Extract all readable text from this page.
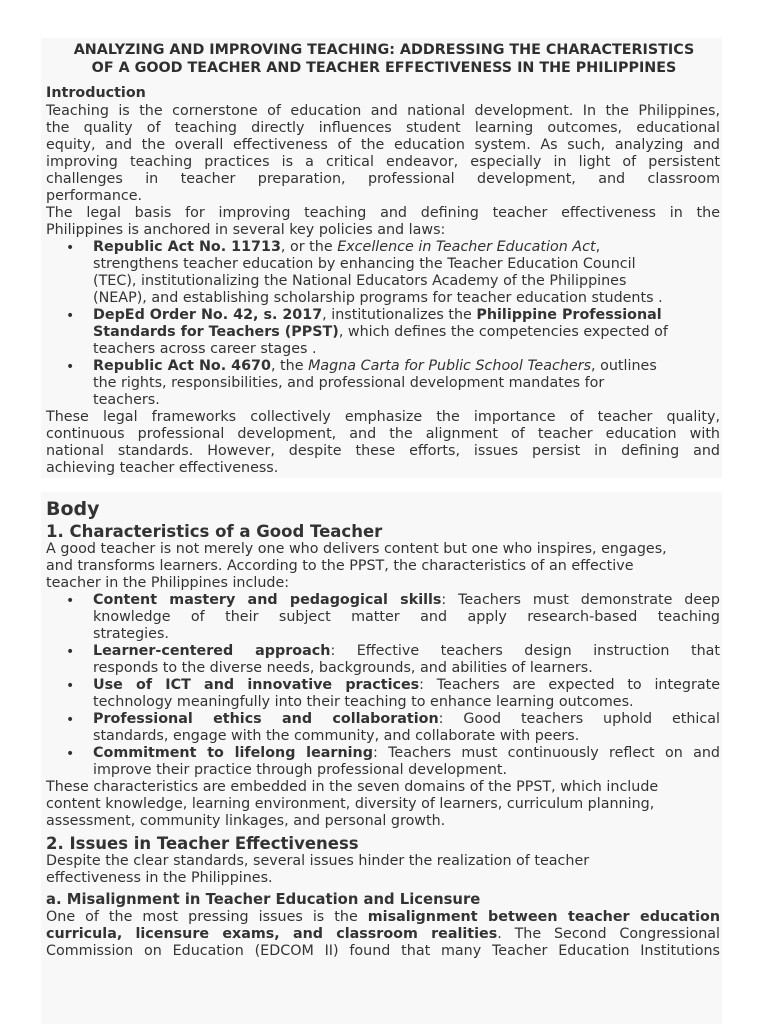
ANALYZING AND IMPROVING TEACHING: ADDRESSING THE CHARACTERISTICS
OF A GOOD TEACHER AND TEACHER EFFECTIVENESS IN THE PHILIPPINES
Introduction
Teaching is the cornerstone of education and national development. In the Philippines,
the quality of teaching directly influences student learning outcomes, educational
equity, and the overall effectiveness of the education system. As such, analyzing and
improving teaching practices is a critical endeavor, especially in light of persistent
challenges in teacher preparation, professional development, and classroom
performance.
The legal basis for improving teaching and defining teacher effectiveness in the
Philippines is anchored in several key policies and laws:
• Republic Act No. 11713, or the Excellence in Teacher Education Act,
strengthens teacher education by enhancing the Teacher Education Council
(TEC), institutionalizing the National Educators Academy of the Philippines
(NEAP), and establishing scholarship programs for teacher education students .
• DepEd Order No. 42, s. 2017, institutionalizes the Philippine Professional
Standards for Teachers (PPST), which defines the competencies expected of
teachers across career stages .
• Republic Act No. 4670, the Magna Carta for Public School Teachers, outlines
the rights, responsibilities, and professional development mandates for
teachers.
These legal frameworks collectively emphasize the importance of teacher quality,
continuous professional development, and the alignment of teacher education with
national standards. However, despite these efforts, issues persist in defining and
achieving teacher effectiveness.
Body
1. Characteristics of a Good Teacher
A good teacher is not merely one who delivers content but one who inspires, engages,
and transforms learners. According to the PPST, the characteristics of an effective
teacher in the Philippines include:
• Content mastery and pedagogical skills: Teachers must demonstrate deep
knowledge of their subject matter and apply research-based teaching
strategies.
• Learner-centered approach: Effective teachers design instruction that
responds to the diverse needs, backgrounds, and abilities of learners.
• Use of ICT and innovative practices: Teachers are expected to integrate
technology meaningfully into their teaching to enhance learning outcomes.
• Professional ethics and collaboration: Good teachers uphold ethical
standards, engage with the community, and collaborate with peers.
• Commitment to lifelong learning: Teachers must continuously reflect on and
improve their practice through professional development.
These characteristics are embedded in the seven domains of the PPST, which include
content knowledge, learning environment, diversity of learners, curriculum planning,
assessment, community linkages, and personal growth.
2. Issues in Teacher Effectiveness
Despite the clear standards, several issues hinder the realization of teacher
effectiveness in the Philippines.
a. Misalignment in Teacher Education and Licensure
One of the most pressing issues is the misalignment between teacher education
curricula, licensure exams, and classroom realities. The Second Congressional
Commission on Education (EDCOM II) found that many Teacher Education Institutions
